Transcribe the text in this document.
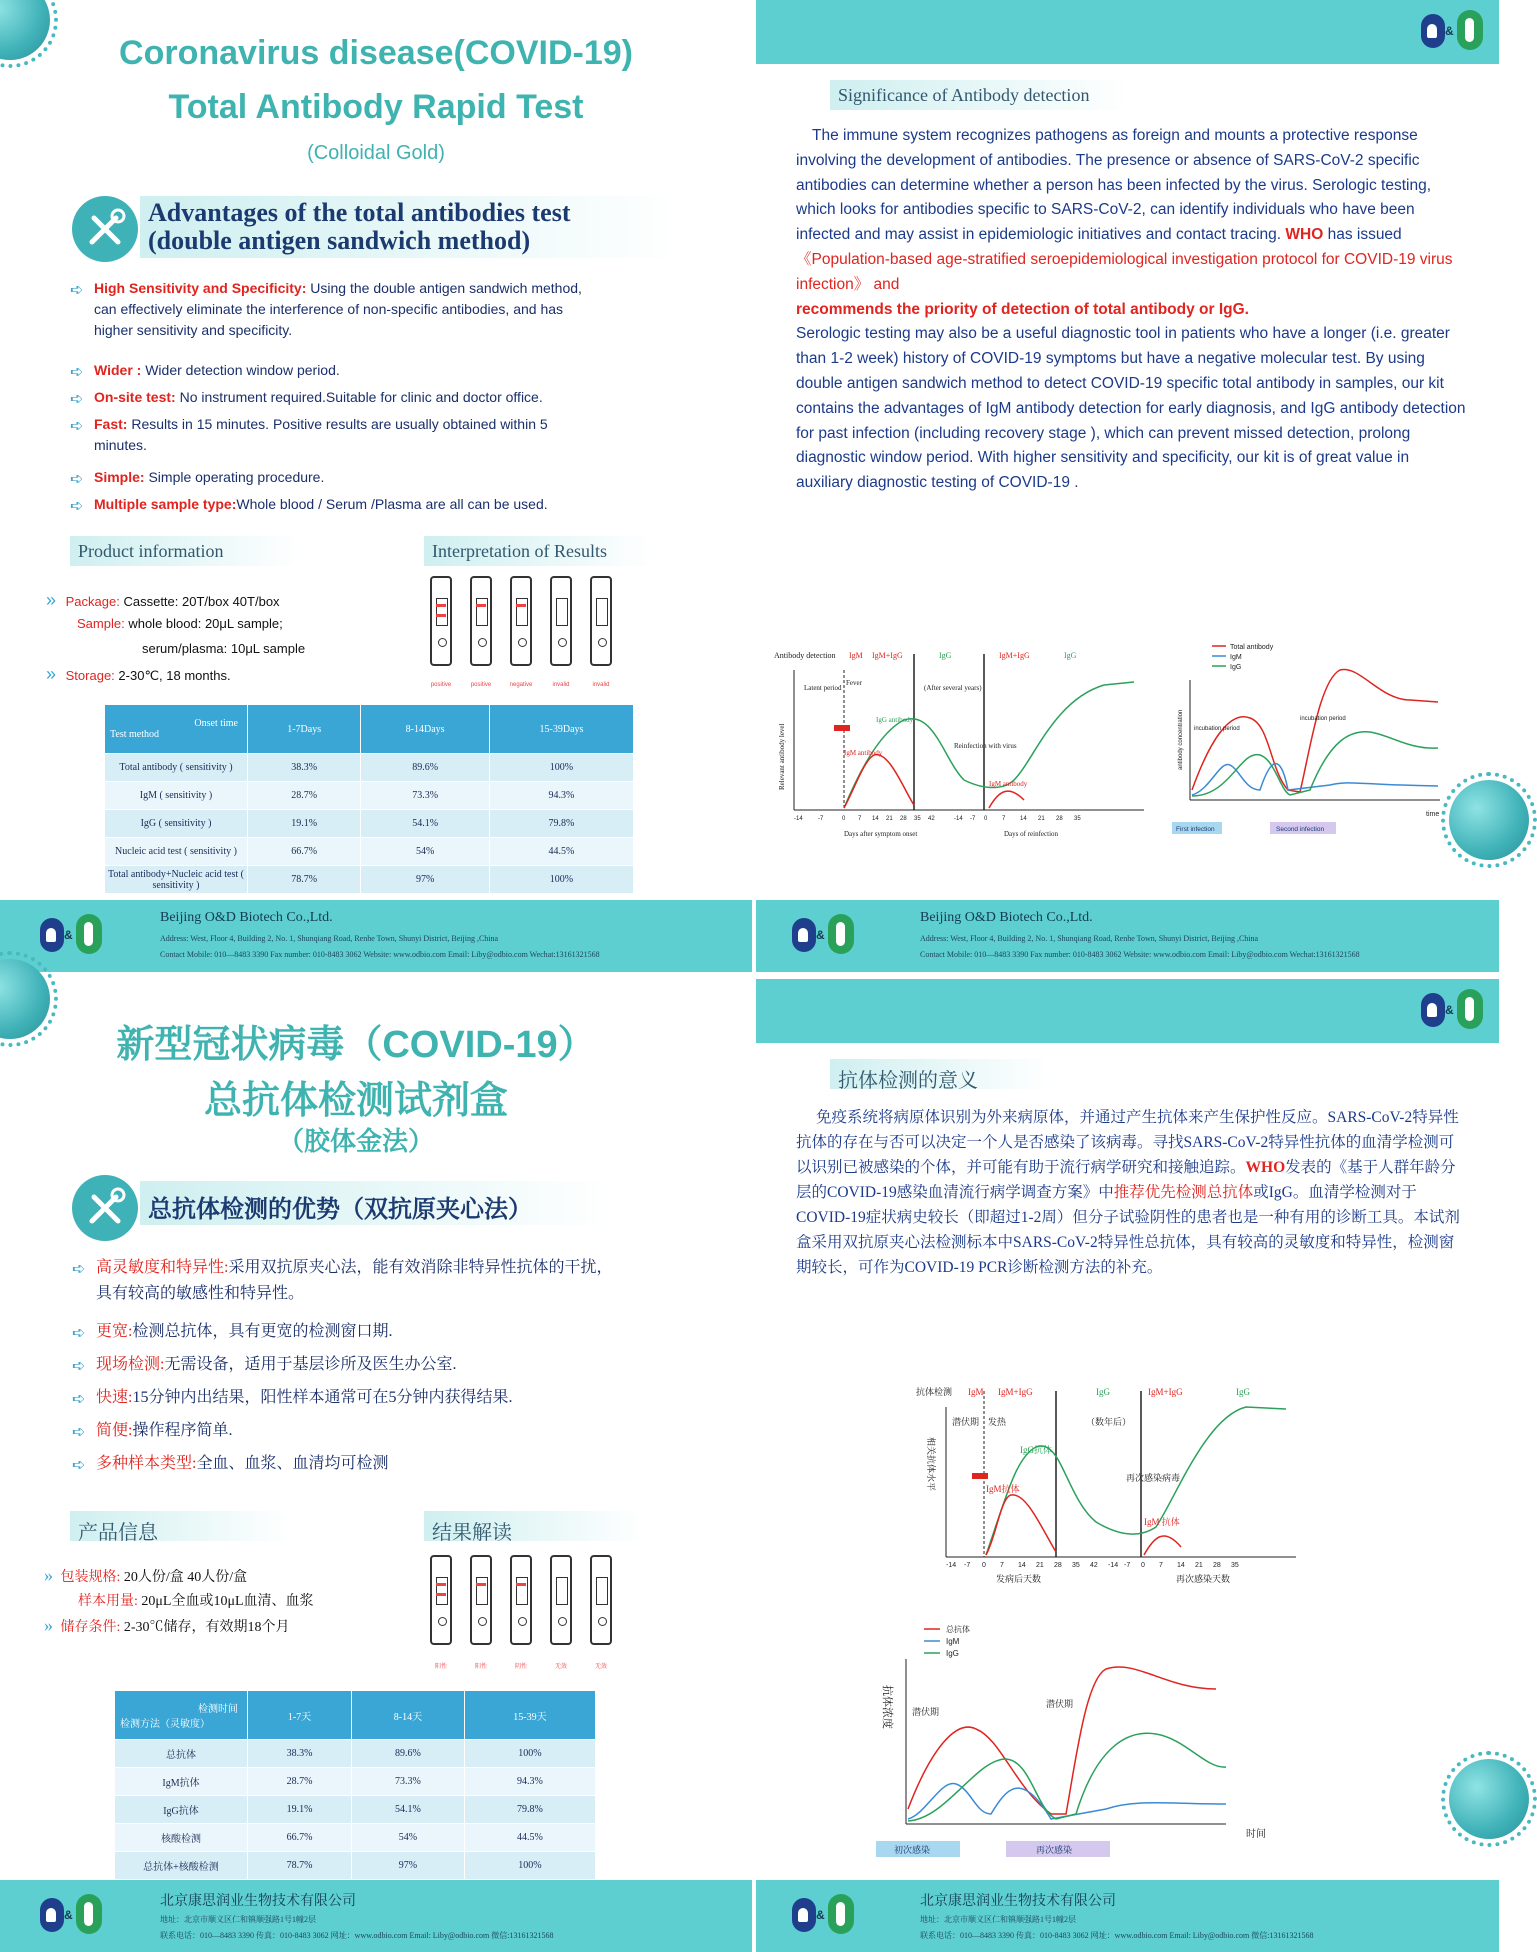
Coronavirus disease(COVID-19)
Total Antibody Rapid Test
(Colloidal Gold)
Advantages of the total antibodies test
(double antigen sandwich method)
➪ High Sensitivity and Specificity: Using the double antigen sandwich method,
can effectively eliminate the interference of non-specific antibodies, and has
higher sensitivity and specificity.
➪ Wider : Wider detection window period.
➪ On-site test: No instrument required.Suitable for clinic and doctor office.
➪ Fast: Results in 15 minutes. Positive results are usually obtained within 5
minutes.
➪ Simple: Simple operating procedure.
➪ Multiple sample type:Whole blood / Serum /Plasma are all can be used.
Product information	Interpretation of Results
» Package: Cassette: 20T/box 40T/box
Sample: whole blood: 20μL sample;
serum/plasma: 10μL sample
» Storage: 2-30℃, 18 months.
positive	positive	negative	invalid	invalid
Onset time
Test method	1-7Days	8-14Days	15-39Days
Total antibody ( sensitivity )	38.3%	89.6%	100%
IgM ( sensitivity )	28.7%	73.3%	94.3%
IgG ( sensitivity )	19.1%	54.1%	79.8%
Nucleic acid test ( sensitivity )	66.7%	54%	44.5%
Total antibody+Nucleic acid test ( sensitivity )	78.7%	97%	100%
&
Beijing O&D Biotech Co.,Ltd.
Address: West, Floor 4, Building 2, No. 1, Shunqiang Road, Renhe Town, Shunyi District, Beijing ,China
Contact Mobile: 010—8483 3390 Fax number: 010-8483 3062 Website: www.odbio.com Email: Liby@odbio.com Wechat:13161321568
&
Significance of Antibody detection
The immune system recognizes pathogens as foreign and mounts a protective response involving the development of antibodies. The presence or absence of SARS-CoV-2 specific antibodies can determine whether a person has been infected by the virus. Serologic testing, which looks for antibodies specific to SARS-CoV-2, can identify individuals who have been infected and may assist in epidemiologic initiatives and contact tracing. WHO has issued 《Population-based age-stratified seroepidemiological investigation protocol for COVID-19 virus infection》 and
recommends the priority of detection of total antibody or IgG.
Serologic testing may also be a useful diagnostic tool in patients who have a longer (i.e. greater than 1-2 week) history of COVID-19 symptoms but have a negative molecular test. By using double antigen sandwich method to detect COVID-19 specific total antibody in samples, our kit contains the advantages of IgM antibody detection for early diagnosis, and IgG antibody detection for past infection (including recovery stage ), which can prevent missed detection, prolong diagnostic window period. With higher sensitivity and specificity, our kit is of great value in auxiliary diagnostic testing of COVID-19 .
Antibody detection IgM IgM+IgG	IgG	IgM+IgG	IgG
Latent period
Fever
(After several years)
IgG antibody
IgM antibody
Reinfection with virus
IgM antibody
Relevant antibody level
Days after symptom onset	Days of reinfection
-14	-7	0 7 14 21 28 35 42	-14 -7 0 7 14 21 28 35
Total antibody
IgM
IgG
antibody concentration incubation period
incubation period
First infection	Second infection
time
&
Beijing O&D Biotech Co.,Ltd.
Address: West, Floor 4, Building 2, No. 1, Shunqiang Road, Renhe Town, Shunyi District, Beijing ,China
Contact Mobile: 010—8483 3390 Fax number: 010-8483 3062 Website: www.odbio.com Email: Liby@odbio.com Wechat:13161321568
新型冠状病毒（COVID-19）
总抗体检测试剂盒
（胶体金法）
总抗体检测的优势（双抗原夹心法）
➪ 高灵敏度和特异性:采用双抗原夹心法，能有效消除非特异性抗体的干扰，
具有较高的敏感性和特异性。
➪ 更宽:检测总抗体，具有更宽的检测窗口期.
➪ 现场检测:无需设备，适用于基层诊所及医生办公室.
➪ 快速:15分钟内出结果，阳性样本通常可在5分钟内获得结果.
➪ 简便:操作程序简单.
➪ 多种样本类型:全血、血浆、血清均可检测
产品信息	结果解读
» 包装规格: 20人份/盒 40人份/盒
样本用量: 20μL全血或10μL血清、血浆
» 储存条件: 2-30℃储存，有效期18个月
阳性	阳性	阴性	无效	无效
检测时间
检测方法（灵敏度）	1-7天	8-14天	15-39天
总抗体	38.3%	89.6%	100%
IgM抗体	28.7%	73.3%	94.3%
IgG抗体	19.1%	54.1%	79.8%
核酸检测	66.7%	54%	44.5%
总抗体+核酸检测	78.7%	97%	100%
&
北京康思润业生物技术有限公司
地址：北京市顺义区仁和镇顺强路1号1幢2层
联系电话：010—8483 3390 传真：010-8483 3062 网址：www.odbio.com Email: Liby@odbio.com 微信:13161321568
&
抗体检测的意义
免疫系统将病原体识别为外来病原体，并通过产生抗体来产生保护性反应。SARS-CoV-2特异性抗体的存在与否可以决定一个人是否感染了该病毒。寻找SARS-CoV-2特异性抗体的血清学检测可以识别已被感染的个体，并可能有助于流行病学研究和接触追踪。WHO发表的《基于人群年龄分层的COVID-19感染血清流行病学调查方案》中推荐优先检测总抗体或IgG。血清学检测对于COVID-19症状病史较长（即超过1-2周）但分子试验阴性的患者也是一种有用的诊断工具。本试剂盒采用双抗原夹心法检测标本中SARS-CoV-2特异性总抗体，具有较高的灵敏度和特异性，检测窗期较长，可作为COVID-19 PCR诊断检测方法的补充。
抗体检测 IgM IgM+IgG	IgG	IgM+IgG	IgG
潜伏期 发热	（数年后）
IgG抗体
IgM抗体
再次感染病毒
IgM 抗体
相关抗体水平
发病后天数	再次感染天数
-14 -7 0 7 14 21 28 35 42 -14 -7 0 7 14 21 28 35
总抗体
IgM
IgG
抗体浓度 潜伏期
潜伏期
初次感染	再次感染
时间
&
北京康思润业生物技术有限公司
地址：北京市顺义区仁和镇顺强路1号1幢2层
联系电话：010—8483 3390 传真：010-8483 3062 网址：www.odbio.com Email: Liby@odbio.com 微信:13161321568
